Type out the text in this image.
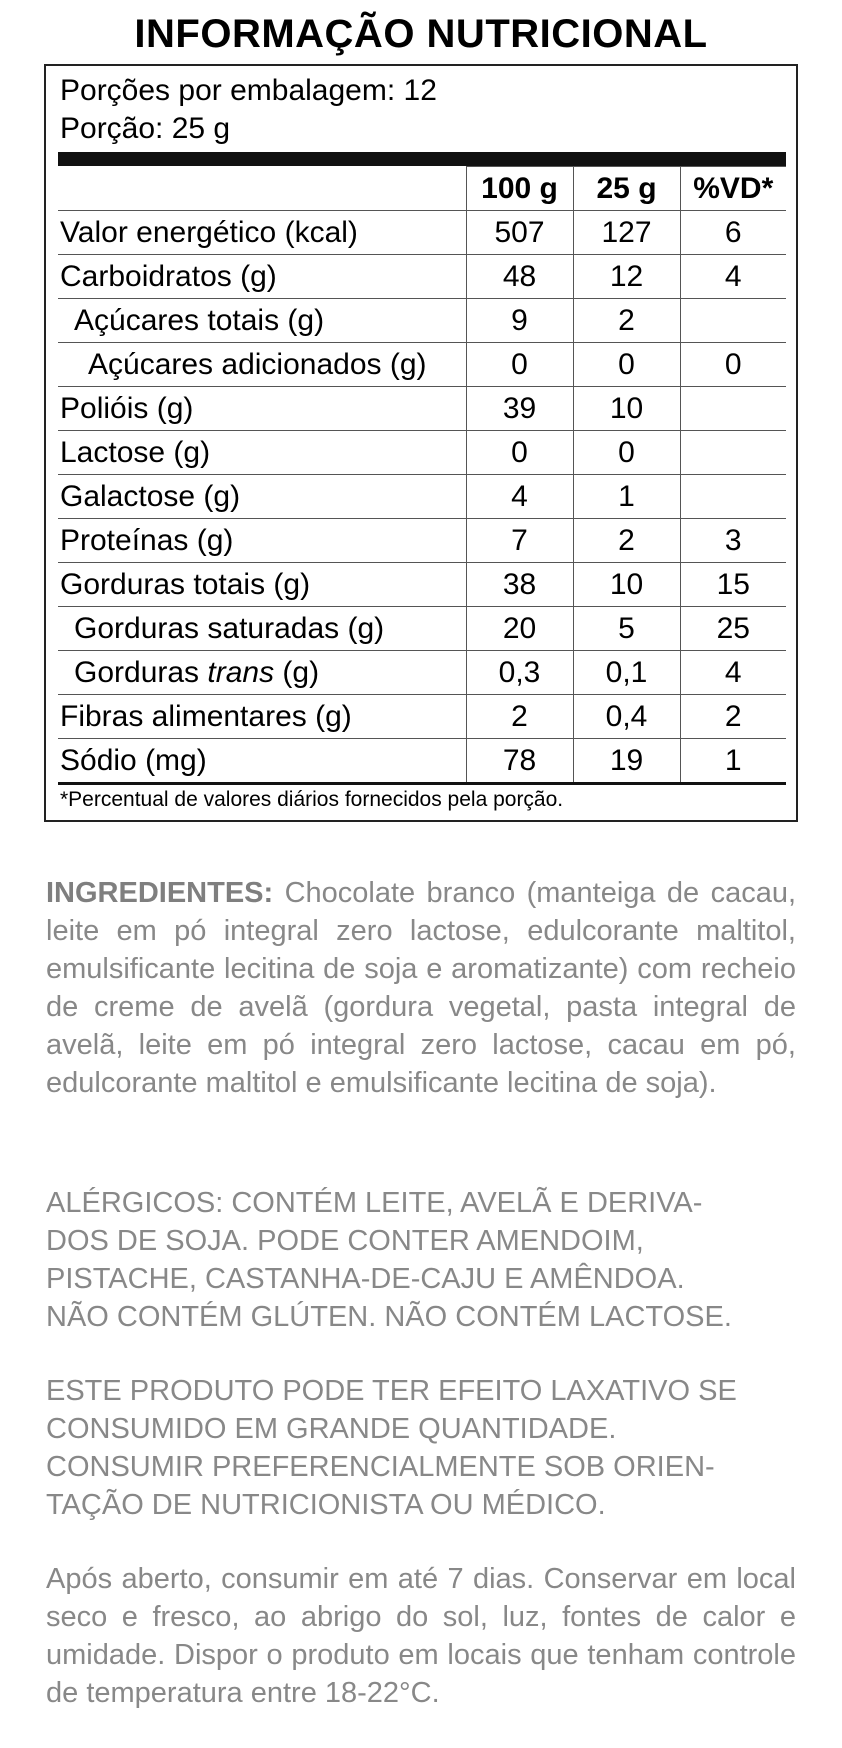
INFORMAÇÃO NUTRICIONAL
Porções por embalagem: 12
Porção: 25 g
	100 g	25 g	%VD*
Valor energético (kcal)	507	127	6
Carboidratos (g)	48	12	4
Açúcares totais (g)	9	2	
Açúcares adicionados (g)	0	0	0
Polióis (g)	39	10	
Lactose (g)	0	0	
Galactose (g)	4	1	
Proteínas (g)	7	2	3
Gorduras totais (g)	38	10	15
Gorduras saturadas (g)	20	5	25
Gorduras trans (g)	0,3	0,1	4
Fibras alimentares (g)	2	0,4	2
Sódio (mg)	78	19	1
*Percentual de valores diários fornecidos pela porção.
INGREDIENTES: Chocolate branco (manteiga de cacau, leite em pó integral zero lactose, edulcorante maltitol, emulsificante lecitina de soja e aromatizante) com recheio de creme de avelã (gordura vegetal, pasta integral de avelã, leite em pó integral zero lactose, cacau em pó, edulcorante maltitol e emulsificante lecitina de soja).
ALÉRGICOS: CONTÉM LEITE, AVELÃ E DERIVA-
DOS DE SOJA. PODE CONTER AMENDOIM,
PISTACHE, CASTANHA-DE-CAJU E AMÊNDOA.
NÃO CONTÉM GLÚTEN. NÃO CONTÉM LACTOSE.
ESTE PRODUTO PODE TER EFEITO LAXATIVO SE
CONSUMIDO EM GRANDE QUANTIDADE.
CONSUMIR PREFERENCIALMENTE SOB ORIEN-
TAÇÃO DE NUTRICIONISTA OU MÉDICO.
Após aberto, consumir em até 7 dias. Conservar em local seco e fresco, ao abrigo do sol, luz, fontes de calor e umidade. Dispor o produto em locais que tenham controle de temperatura entre 18-22°C.
